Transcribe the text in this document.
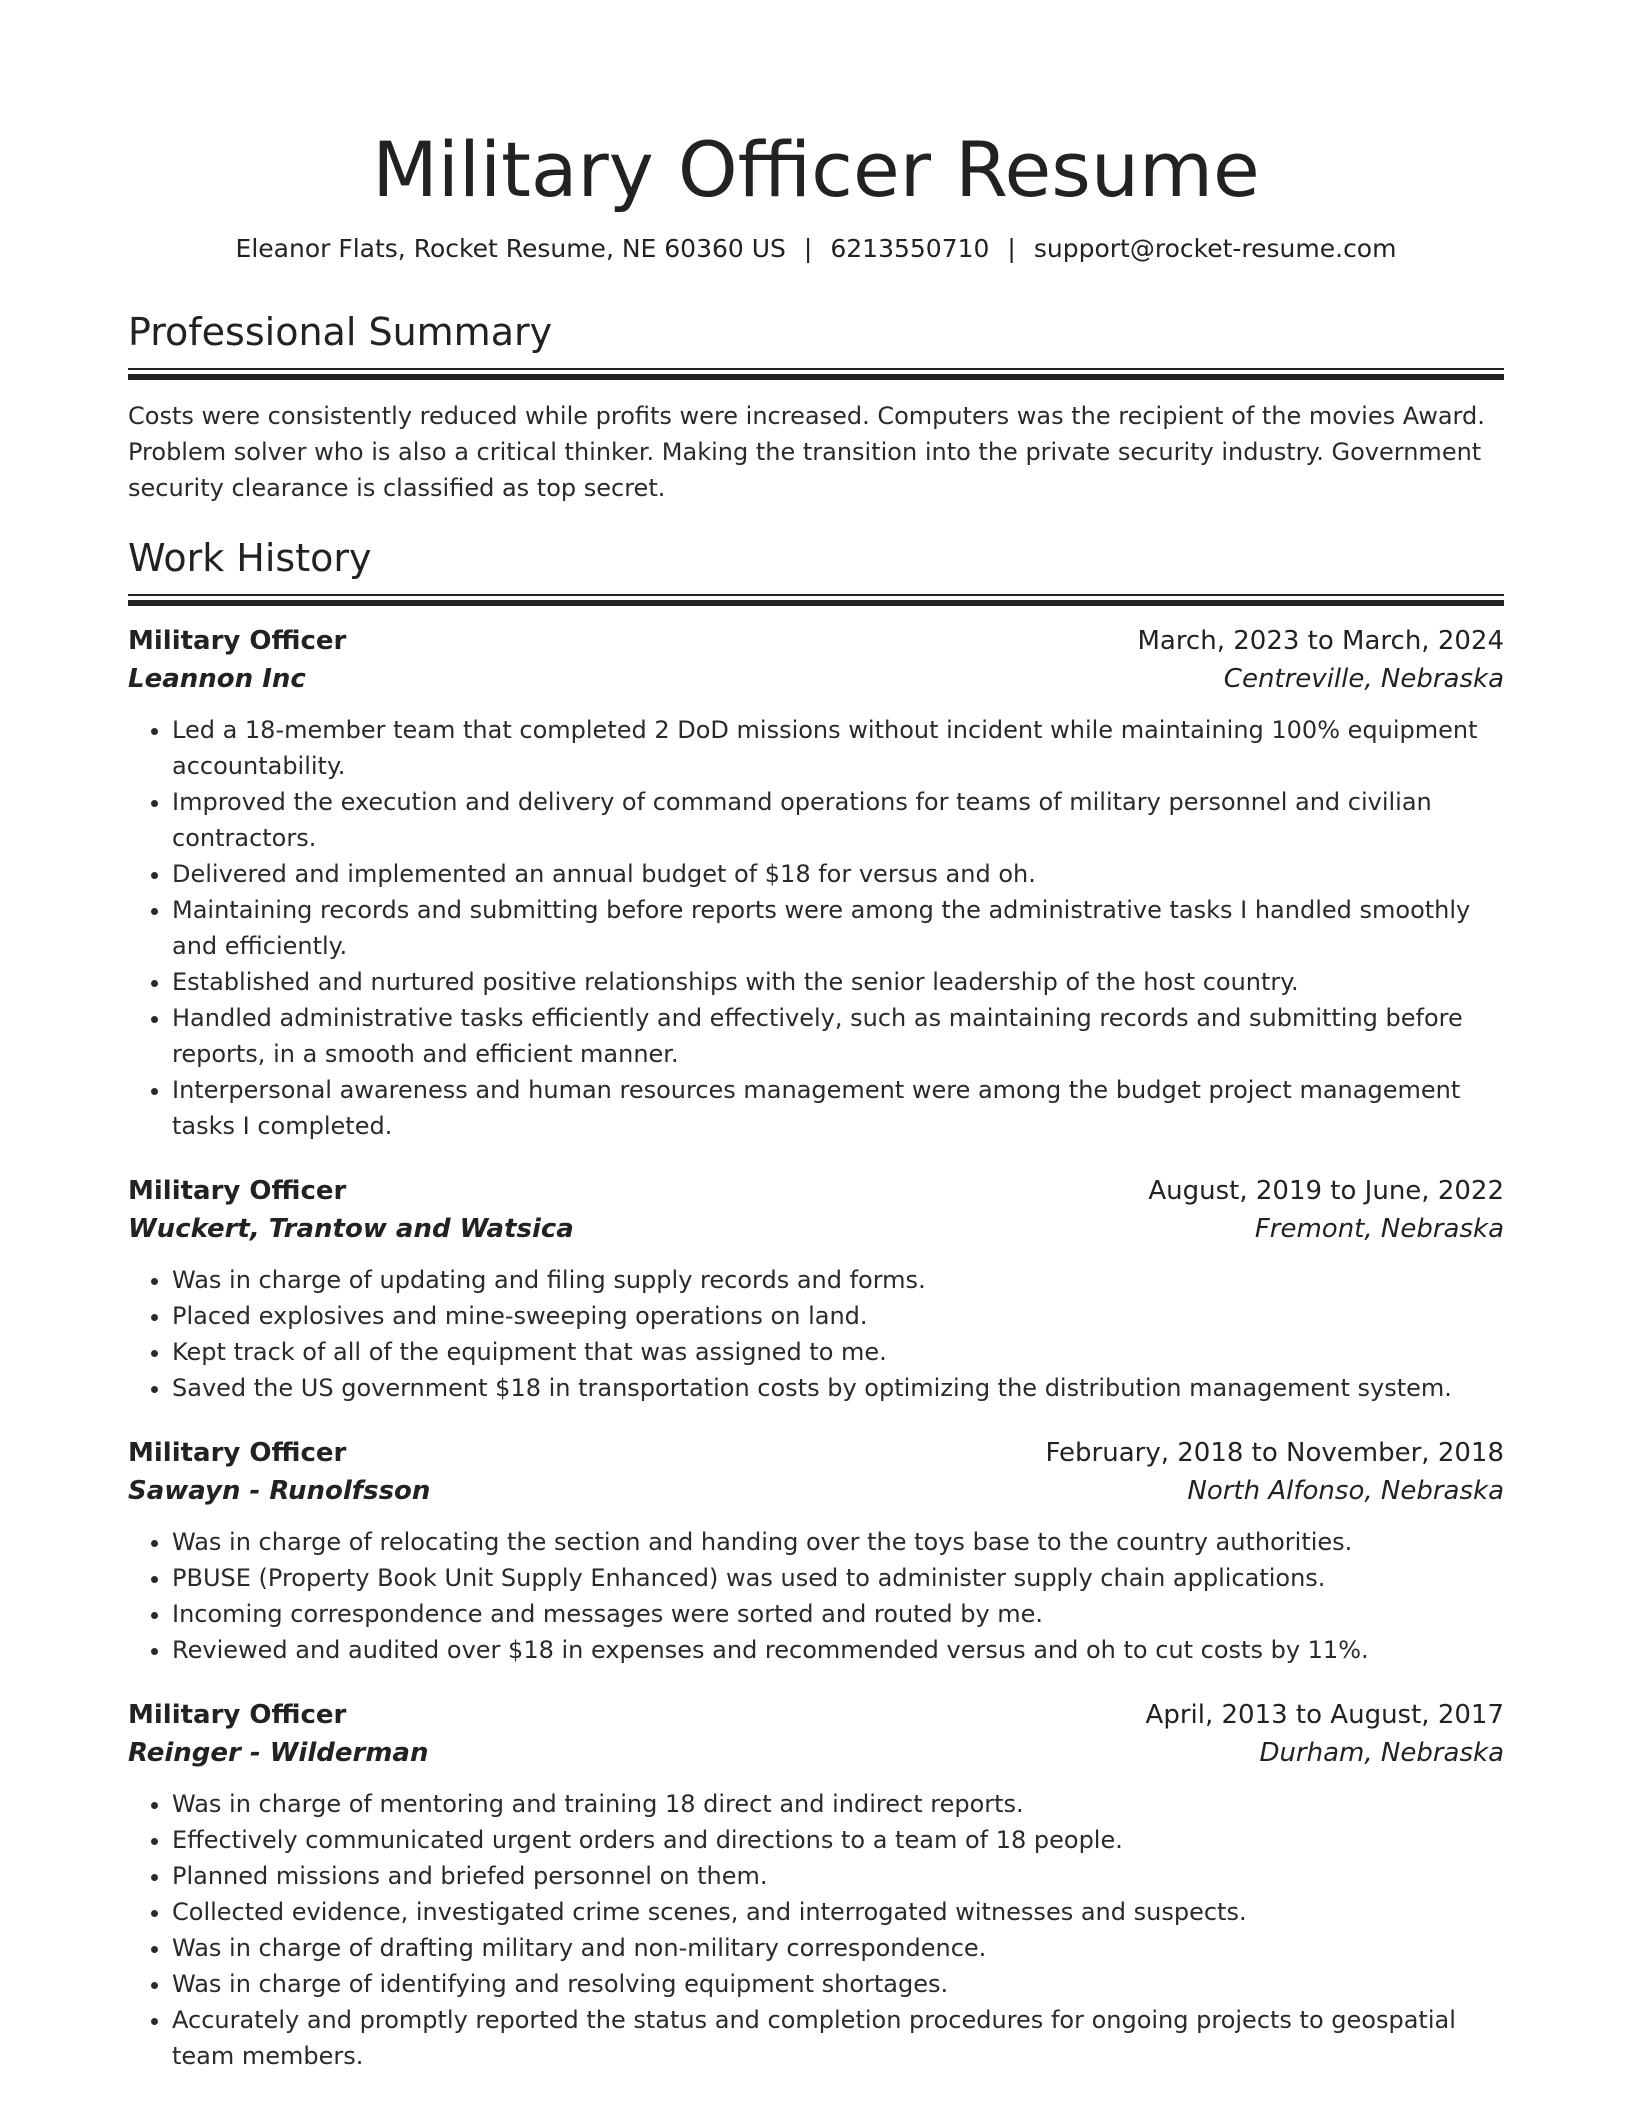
Military Officer Resume
Eleanor Flats, Rocket Resume, NE 60360 US | 6213550710 | support@rocket-resume.com
Professional Summary
Costs were consistently reduced while profits were increased. Computers was the recipient of the movies Award. Problem solver who is also a critical thinker. Making the transition into the private security industry. Government security clearance is classified as top secret.
Work History
Military Officer	March, 2023 to March, 2024
Leannon Inc	Centreville, Nebraska
• Led a 18-member team that completed 2 DoD missions without incident while maintaining 100% equipment accountability.
• Improved the execution and delivery of command operations for teams of military personnel and civilian contractors.
• Delivered and implemented an annual budget of $18 for versus and oh.
• Maintaining records and submitting before reports were among the administrative tasks I handled smoothly and efficiently.
• Established and nurtured positive relationships with the senior leadership of the host country.
• Handled administrative tasks efficiently and effectively, such as maintaining records and submitting before reports, in a smooth and efficient manner.
• Interpersonal awareness and human resources management were among the budget project management tasks I completed.
Military Officer	August, 2019 to June, 2022
Wuckert, Trantow and Watsica	Fremont, Nebraska
• Was in charge of updating and filing supply records and forms.
• Placed explosives and mine-sweeping operations on land.
• Kept track of all of the equipment that was assigned to me.
• Saved the US government $18 in transportation costs by optimizing the distribution management system.
Military Officer	February, 2018 to November, 2018
Sawayn - Runolfsson	North Alfonso, Nebraska
• Was in charge of relocating the section and handing over the toys base to the country authorities.
• PBUSE (Property Book Unit Supply Enhanced) was used to administer supply chain applications.
• Incoming correspondence and messages were sorted and routed by me.
• Reviewed and audited over $18 in expenses and recommended versus and oh to cut costs by 11%.
Military Officer	April, 2013 to August, 2017
Reinger - Wilderman	Durham, Nebraska
• Was in charge of mentoring and training 18 direct and indirect reports.
• Effectively communicated urgent orders and directions to a team of 18 people.
• Planned missions and briefed personnel on them.
• Collected evidence, investigated crime scenes, and interrogated witnesses and suspects.
• Was in charge of drafting military and non-military correspondence.
• Was in charge of identifying and resolving equipment shortages.
• Accurately and promptly reported the status and completion procedures for ongoing projects to geospatial team members.
